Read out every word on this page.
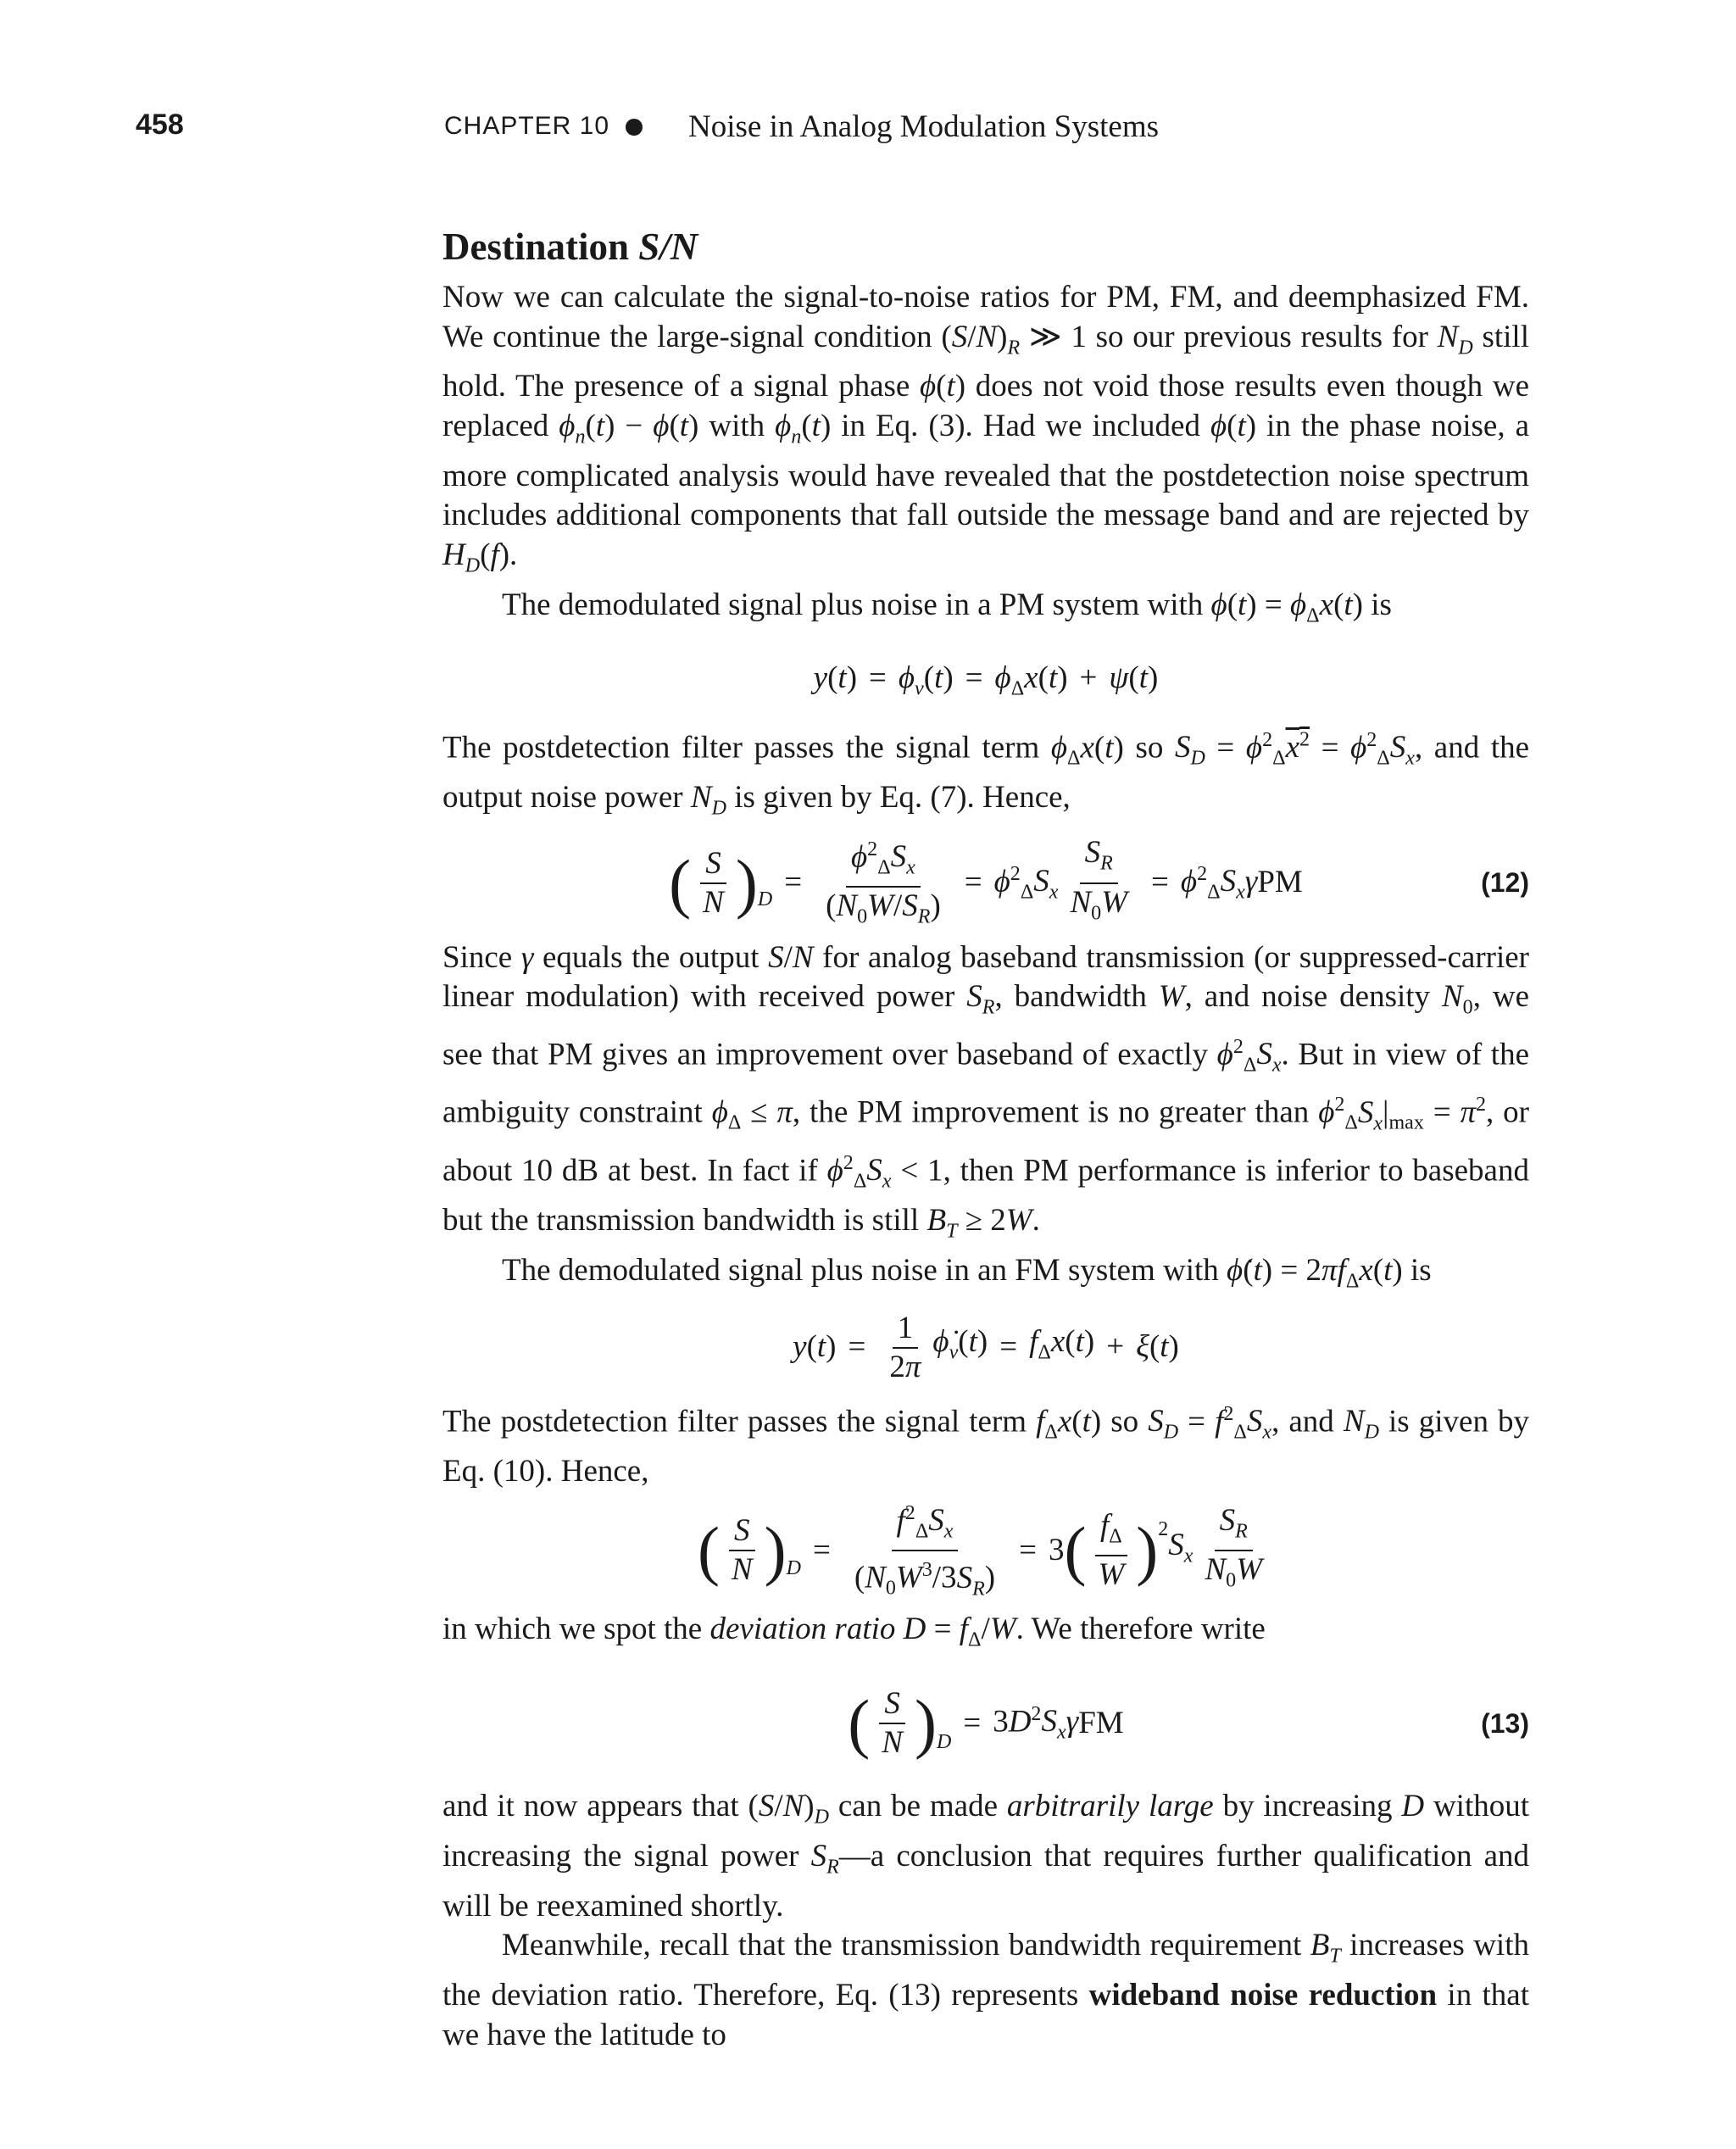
458	CHAPTER 10	Noise in Analog Modulation Systems
Destination S/N

Now we can calculate the signal-to-noise ratios for PM, FM, and deemphasized FM. We continue the large-signal condition $(S/N)_R$ ≫ 1 so our previous results for $N_D$ still hold. The presence of a signal phase ϕ(t) does not void those results even though we replaced $\phi_n(t) - \phi(t)$ with $\phi_n(t)$ in Eq. (3). Had we included ϕ(t) in the phase noise, a more complicated analysis would have revealed that the postdetection noise spectrum includes additional components that fall outside the message band and are rejected by $H_D(f)$.

The demodulated signal plus noise in a PM system with $\phi(t) = \phi_\Delta x(t)$ is

$y(t) = \phi_v(t) = \phi_\Delta x(t) + \psi(t)$

The postdetection filter passes the signal term $\phi_\Delta x(t)$ so $S_D = \phi^2_\Delta x^2 = \phi^2_\Delta S_x$, and the output noise power $N_D$ is given by Eq. (7). Hence,

( $\frac{S}{N}$ ) $_D = \frac{\phi^2_\Delta S_x}{(N_0W/S_R)} = \phi^2_\Delta S_x \frac{S_R}{N_0W} = \phi^2_\Delta S_x\gamma$ PM	(12)

Since γ equals the output S/N for analog baseband transmission (or suppressed-carrier linear modulation) with received power $S_R$, bandwidth W, and noise density $N_0$, we see that PM gives an improvement over baseband of exactly $\phi^2_\Delta S_x$. But in view of the ambiguity constraint $\phi_\Delta \le \pi$, the PM improvement is no greater than $\phi^2_\Delta S_x|_{max} = \pi^2$, or about 10 dB at best. In fact if $\phi^2_\Delta S_x < 1$, then PM performance is inferior to baseband but the transmission bandwidth is still $B_T \ge 2W$.

The demodulated signal plus noise in an FM system with ϕ̇(t) = $2\pi f_\Delta x(t)$ is

$y(t) = \frac{1}{2\pi}$ $\phi̇_v(t) = f_\Delta x(t) + \xi(t)$

The postdetection filter passes the signal term $f_\Delta x(t)$ so $S_D = f^2_\Delta S_x$, and $N_D$ is given by Eq. (10). Hence,

( $\frac{S}{N}$ ) $_D$
= $\frac{f^2_\Delta S_x}{(N_0W^3/3S_R)} = 3$ ( $\frac{f_\Delta}{W} )^2$ $S_x \frac{S_R}{N_0W}$

in which we spot the deviation ratio $D = f_\Delta/W$. We therefore write

( $\frac{S}{N}$ ) $_D$
= $3D^2S_x\gamma$ FM	(13)

and it now appears that $(S/N)_D$ can be made arbitrarily large by increasing D without increasing the signal power $S_R—a$ conclusion that requires further qualification and will be reexamined shortly.

Meanwhile, recall that the transmission bandwidth requirement $B_T$ increases with the deviation ratio. Therefore, Eq. (13) represents wideband noise reduction in that we have the latitude to
